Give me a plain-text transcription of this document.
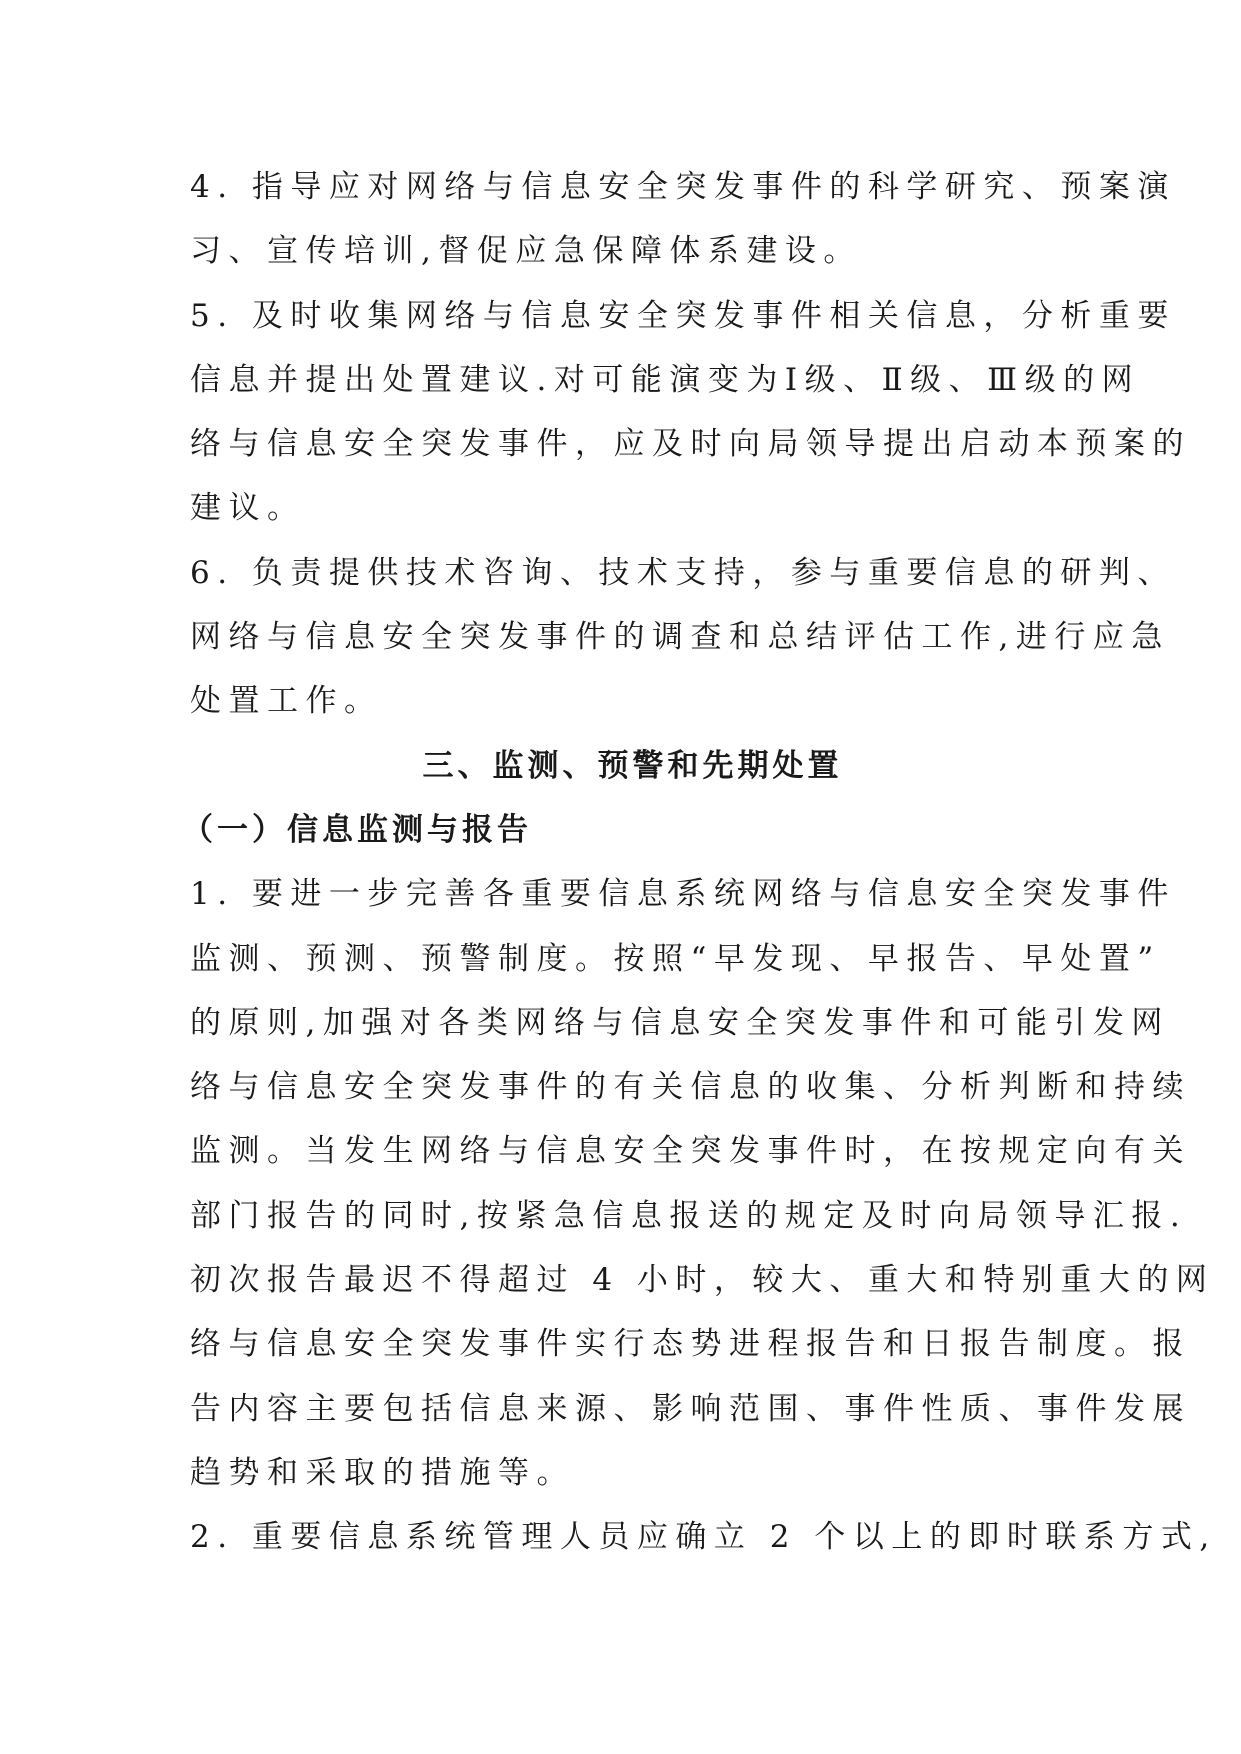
4. 指导应对网络与信息安全突发事件的科学研究、预案演

习、宣传培训,督促应急保障体系建设。

5. 及时收集网络与信息安全突发事件相关信息，分析重要

信息并提出处置建议.对可能演变为Ⅰ级、Ⅱ级、Ⅲ级的网

络与信息安全突发事件，应及时向局领导提出启动本预案的

建议。

6. 负责提供技术咨询、技术支持，参与重要信息的研判、

网络与信息安全突发事件的调查和总结评估工作,进行应急

处置工作。

三、监测、预警和先期处置

（一）信息监测与报告

1. 要进一步完善各重要信息系统网络与信息安全突发事件

监测、预测、预警制度。按照“早发现、早报告、早处置”

的原则,加强对各类网络与信息安全突发事件和可能引发网

络与信息安全突发事件的有关信息的收集、分析判断和持续

监测。当发生网络与信息安全突发事件时，在按规定向有关

部门报告的同时,按紧急信息报送的规定及时向局领导汇报.

初次报告最迟不得超过 4 小时，较大、重大和特别重大的网

络与信息安全突发事件实行态势进程报告和日报告制度。报

告内容主要包括信息来源、影响范围、事件性质、事件发展

趋势和采取的措施等。

2. 重要信息系统管理人员应确立 2 个以上的即时联系方式,
